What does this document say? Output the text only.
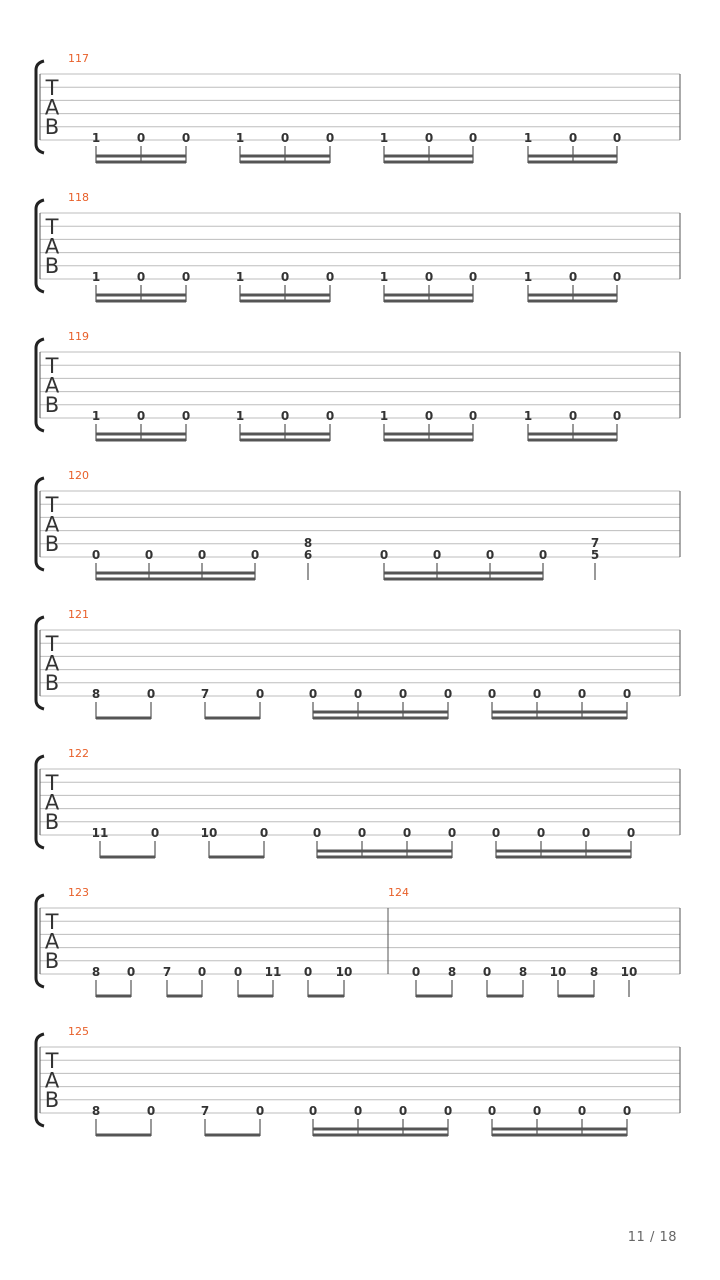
T
A
B
117
1	0	0	1	0	0	1	0	0	1	0	0
T
A
B
118
1	0	0	1	0	0	1	0	0	1	0	0
T
A
B
119
1	0	0	1	0	0	1	0	0	1	0	0
T
A
B
120
0	0	0	0
8
6	0	0	0	0
7
5
T
A
B
121
8	0	7	0	0	0	0	0	0	0	0	0
T
A
B
122
11	0	10	0	0	0	0	0	0	0	0	0
T
A
B
123
8 0 7 0 0 11 0 10
124
0 8 0 8 10 8 10
T
A
B
125
8	0	7	0	0	0	0	0	0	0	0	0
11 / 18
